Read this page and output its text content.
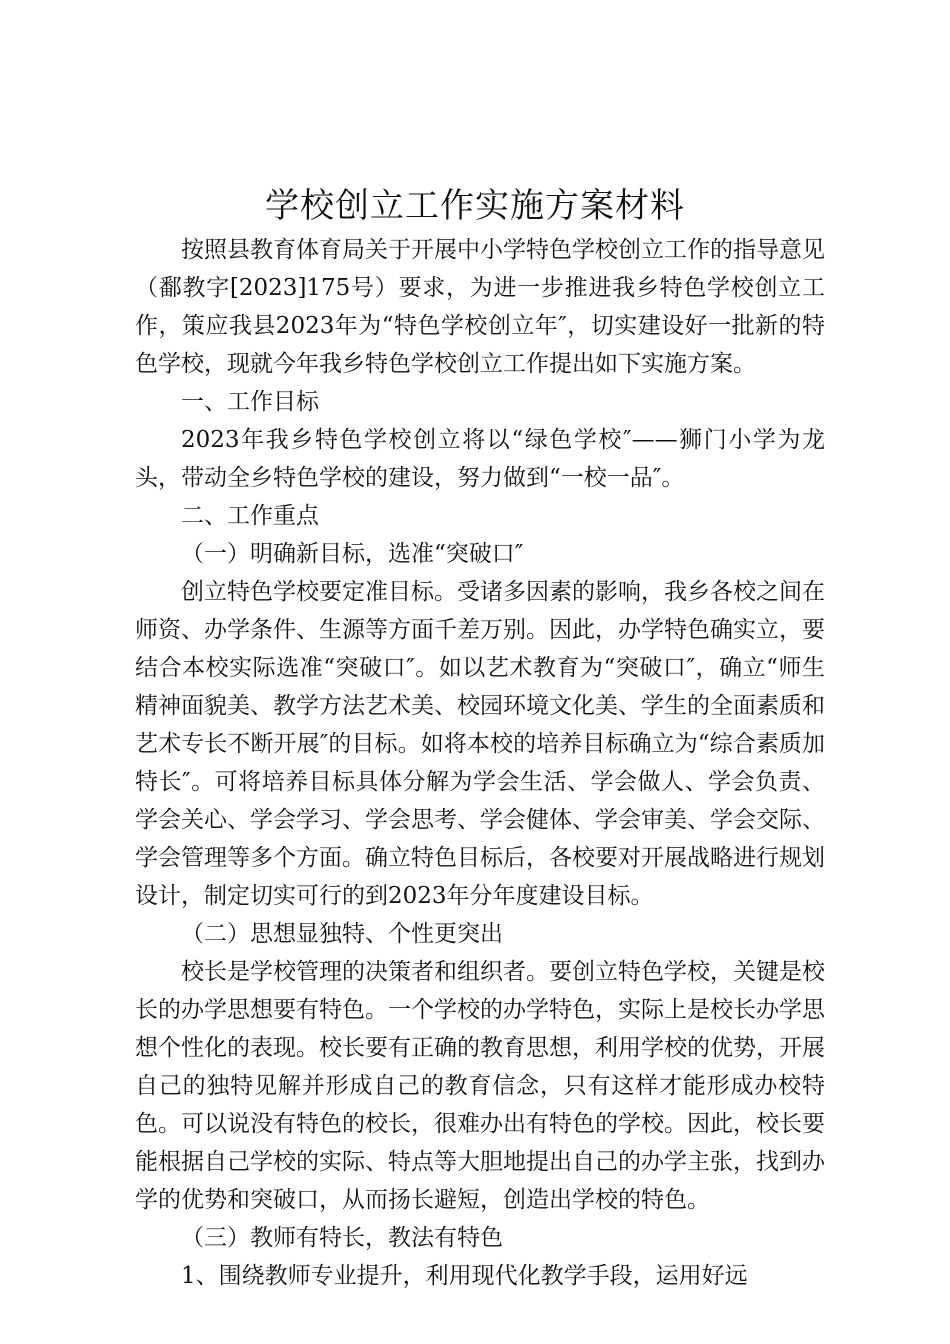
学校创立工作实施方案材料

按照县教育体育局关于开展中小学特色学校创立工作的指导意见（鄱教字[2023]175号）要求，为进一步推进我乡特色学校创立工作，策应我县2023年为“特色学校创立年″，切实建设好一批新的特色学校，现就今年我乡特色学校创立工作提出如下实施方案。

一、工作目标

2023年我乡特色学校创立将以“绿色学校″——狮门小学为龙头，带动全乡特色学校的建设，努力做到“一校一品″。

二、工作重点

（一）明确新目标，选准“突破口″

创立特色学校要定准目标。受诸多因素的影响，我乡各校之间在师资、办学条件、生源等方面千差万别。因此，办学特色确实立，要结合本校实际选准“突破口″。如以艺术教育为“突破口″，确立“师生精神面貌美、教学方法艺术美、校园环境文化美、学生的全面素质和艺术专长不断开展″的目标。如将本校的培养目标确立为“综合素质加特长″。可将培养目标具体分解为学会生活、学会做人、学会负责、学会关心、学会学习、学会思考、学会健体、学会审美、学会交际、学会管理等多个方面。确立特色目标后，各校要对开展战略进行规划设计，制定切实可行的到2023年分年度建设目标。

（二）思想显独特、个性更突出

校长是学校管理的决策者和组织者。要创立特色学校，关键是校长的办学思想要有特色。一个学校的办学特色，实际上是校长办学思想个性化的表现。校长要有正确的教育思想，利用学校的优势，开展自己的独特见解并形成自己的教育信念，只有这样才能形成办校特色。可以说没有特色的校长，很难办出有特色的学校。因此，校长要能根据自己学校的实际、特点等大胆地提出自己的办学主张，找到办学的优势和突破口，从而扬长避短，创造出学校的特色。

（三）教师有特长，教法有特色

1、围绕教师专业提升，利用现代化教学手段，运用好远
